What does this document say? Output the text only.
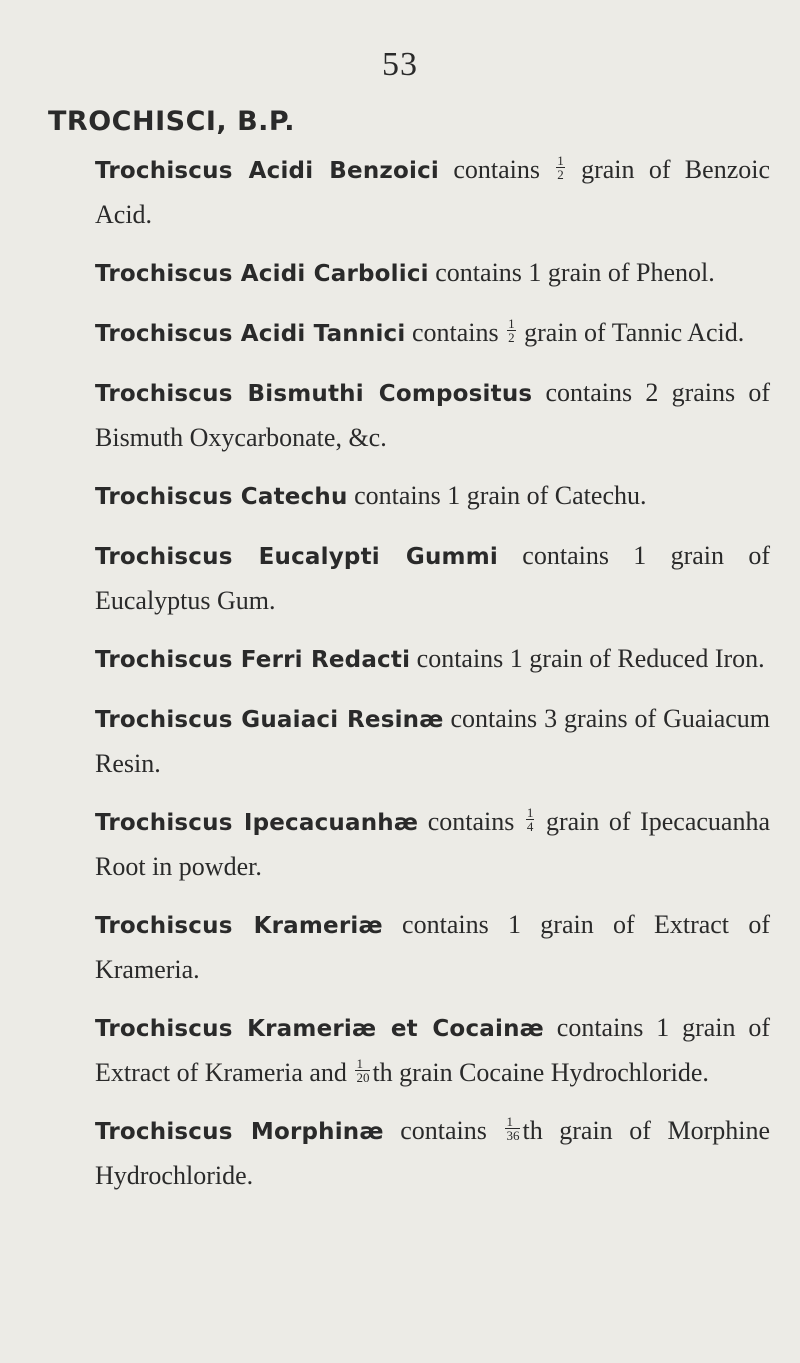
53
TROCHISCI, B.P.
Trochiscus Acidi Benzoici contains $\frac{1}{2}$ grain of Benzoic Acid.
Trochiscus Acidi Carbolici contains 1 grain of Phenol.
Trochiscus Acidi Tannici contains $\frac{1}{2}$ grain of Tannic Acid.
Trochiscus Bismuthi Compositus contains 2 grains of Bismuth Oxycarbonate, &c.
Trochiscus Catechu contains 1 grain of Catechu.
Trochiscus Eucalypti Gummi contains 1 grain of Eucalyptus Gum.
Trochiscus Ferri Redacti contains 1 grain of Reduced Iron.
Trochiscus Guaiaci Resinæ contains 3 grains of Guaiacum Resin.
Trochiscus Ipecacuanhæ contains $\frac{1}{4}$ grain of Ipecacuanha Root in powder.
Trochiscus Krameriæ contains 1 grain of Extract of Krameria.
Trochiscus Krameriæ et Cocainæ contains 1 grain of Extract of Krameria and $\frac{1}{20}$ th grain Cocaine Hydrochloride.
Trochiscus Morphinæ contains $\frac{1}{36}$ th grain of Morphine Hydrochloride.
